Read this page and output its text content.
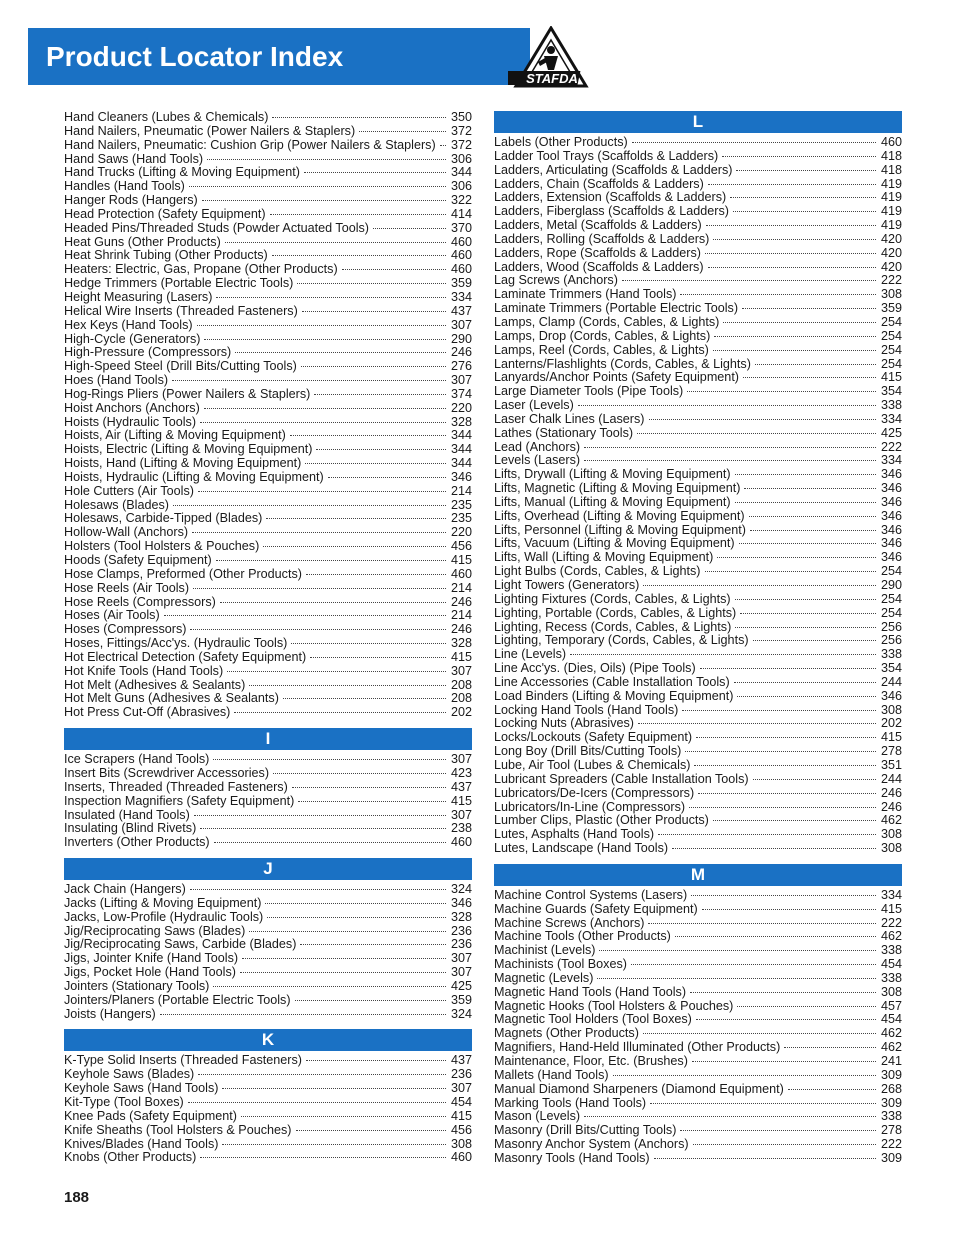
Product Locator Index
STAFDA
Hand Cleaners (Lubes & Chemicals)	350
Hand Nailers, Pneumatic (Power Nailers & Staplers)	372
Hand Nailers, Pneumatic: Cushion Grip (Power Nailers & Staplers) 372
Hand Saws (Hand Tools)	306
Hand Trucks (Lifting & Moving Equipment)	344
Handles (Hand Tools)	306
Hanger Rods (Hangers)	322
Head Protection (Safety Equipment)	414
Headed Pins/Threaded Studs (Powder Actuated Tools)	370
Heat Guns (Other Products)	460
Heat Shrink Tubing (Other Products)	460
Heaters: Electric, Gas, Propane (Other Products)	460
Hedge Trimmers (Portable Electric Tools)	359
Height Measuring (Lasers)	334
Helical Wire Inserts (Threaded Fasteners)	437
Hex Keys (Hand Tools)	307
High-Cycle (Generators)	290
High-Pressure (Compressors)	246
High-Speed Steel (Drill Bits/Cutting Tools)	276
Hoes (Hand Tools)	307
Hog-Rings Pliers (Power Nailers & Staplers)	374
Hoist Anchors (Anchors)	220
Hoists (Hydraulic Tools)	328
Hoists, Air (Lifting & Moving Equipment)	344
Hoists, Electric (Lifting & Moving Equipment)	344
Hoists, Hand (Lifting & Moving Equipment)	344
Hoists, Hydraulic (Lifting & Moving Equipment)	346
Hole Cutters (Air Tools)	214
Holesaws (Blades)	235
Holesaws, Carbide-Tipped (Blades)	235
Hollow-Wall (Anchors)	220
Holsters (Tool Holsters & Pouches)	456
Hoods (Safety Equipment)	415
Hose Clamps, Preformed (Other Products)	460
Hose Reels (Air Tools)	214
Hose Reels (Compressors)	246
Hoses (Air Tools)	214
Hoses (Compressors)	246
Hoses, Fittings/Acc'ys. (Hydraulic Tools)	328
Hot Electrical Detection (Safety Equipment)	415
Hot Knife Tools (Hand Tools)	307
Hot Melt (Adhesives & Sealants)	208
Hot Melt Guns (Adhesives & Sealants)	208
Hot Press Cut-Off (Abrasives)	202
I
Ice Scrapers (Hand Tools)	307
Insert Bits (Screwdriver Accessories)	423
Inserts, Threaded (Threaded Fasteners)	437
Inspection Magnifiers (Safety Equipment)	415
Insulated (Hand Tools)	307
Insulating (Blind Rivets)	238
Inverters (Other Products)	460
J
Jack Chain (Hangers)	324
Jacks (Lifting & Moving Equipment)	346
Jacks, Low-Profile (Hydraulic Tools)	328
Jig/Reciprocating Saws (Blades)	236
Jig/Reciprocating Saws, Carbide (Blades)	236
Jigs, Jointer Knife (Hand Tools)	307
Jigs, Pocket Hole (Hand Tools)	307
Jointers (Stationary Tools)	425
Jointers/Planers (Portable Electric Tools)	359
Joists (Hangers)	324
K
K-Type Solid Inserts (Threaded Fasteners)	437
Keyhole Saws (Blades)	236
Keyhole Saws (Hand Tools)	307
Kit-Type (Tool Boxes)	454
Knee Pads (Safety Equipment)	415
Knife Sheaths (Tool Holsters & Pouches)	456
Knives/Blades (Hand Tools)	308
Knobs (Other Products)	460
L
Labels (Other Products)	460
Ladder Tool Trays (Scaffolds & Ladders)	418
Ladders, Articulating (Scaffolds & Ladders)	418
Ladders, Chain (Scaffolds & Ladders)	419
Ladders, Extension (Scaffolds & Ladders)	419
Ladders, Fiberglass (Scaffolds & Ladders)	419
Ladders, Metal (Scaffolds & Ladders)	419
Ladders, Rolling (Scaffolds & Ladders)	420
Ladders, Rope (Scaffolds & Ladders)	420
Ladders, Wood (Scaffolds & Ladders)	420
Lag Screws (Anchors)	222
Laminate Trimmers (Hand Tools)	308
Laminate Trimmers (Portable Electric Tools)	359
Lamps, Clamp (Cords, Cables, & Lights)	254
Lamps, Drop (Cords, Cables, & Lights)	254
Lamps, Reel (Cords, Cables, & Lights)	254
Lanterns/Flashlights (Cords, Cables, & Lights)	254
Lanyards/Anchor Points (Safety Equipment)	415
Large Diameter Tools (Pipe Tools)	354
Laser (Levels)	338
Laser Chalk Lines (Lasers)	334
Lathes (Stationary Tools)	425
Lead (Anchors)	222
Levels (Lasers)	334
Lifts, Drywall (Lifting & Moving Equipment)	346
Lifts, Magnetic (Lifting & Moving Equipment)	346
Lifts, Manual (Lifting & Moving Equipment)	346
Lifts, Overhead (Lifting & Moving Equipment)	346
Lifts, Personnel (Lifting & Moving Equipment)	346
Lifts, Vacuum (Lifting & Moving Equipment)	346
Lifts, Wall (Lifting & Moving Equipment)	346
Light Bulbs (Cords, Cables, & Lights)	254
Light Towers (Generators)	290
Lighting Fixtures (Cords, Cables, & Lights)	254
Lighting, Portable (Cords, Cables, & Lights)	254
Lighting, Recess (Cords, Cables, & Lights)	256
Lighting, Temporary (Cords, Cables, & Lights)	256
Line (Levels)	338
Line Acc'ys. (Dies, Oils) (Pipe Tools)	354
Line Accessories (Cable Installation Tools)	244
Load Binders (Lifting & Moving Equipment)	346
Locking Hand Tools (Hand Tools)	308
Locking Nuts (Abrasives)	202
Locks/Lockouts (Safety Equipment)	415
Long Boy (Drill Bits/Cutting Tools)	278
Lube, Air Tool (Lubes & Chemicals)	351
Lubricant Spreaders (Cable Installation Tools)	244
Lubricators/De-Icers (Compressors)	246
Lubricators/In-Line (Compressors)	246
Lumber Clips, Plastic (Other Products)	462
Lutes, Asphalts (Hand Tools)	308
Lutes, Landscape (Hand Tools)	308
M
Machine Control Systems (Lasers)	334
Machine Guards (Safety Equipment)	415
Machine Screws (Anchors)	222
Machine Tools (Other Products)	462
Machinist (Levels)	338
Machinists (Tool Boxes)	454
Magnetic (Levels)	338
Magnetic Hand Tools (Hand Tools)	308
Magnetic Hooks (Tool Holsters & Pouches)	457
Magnetic Tool Holders (Tool Boxes)	454
Magnets (Other Products)	462
Magnifiers, Hand-Held Illuminated (Other Products)	462
Maintenance, Floor, Etc. (Brushes)	241
Mallets (Hand Tools)	309
Manual Diamond Sharpeners (Diamond Equipment)	268
Marking Tools (Hand Tools)	309
Mason (Levels)	338
Masonry (Drill Bits/Cutting Tools)	278
Masonry Anchor System (Anchors)	222
Masonry Tools (Hand Tools)	309
188
